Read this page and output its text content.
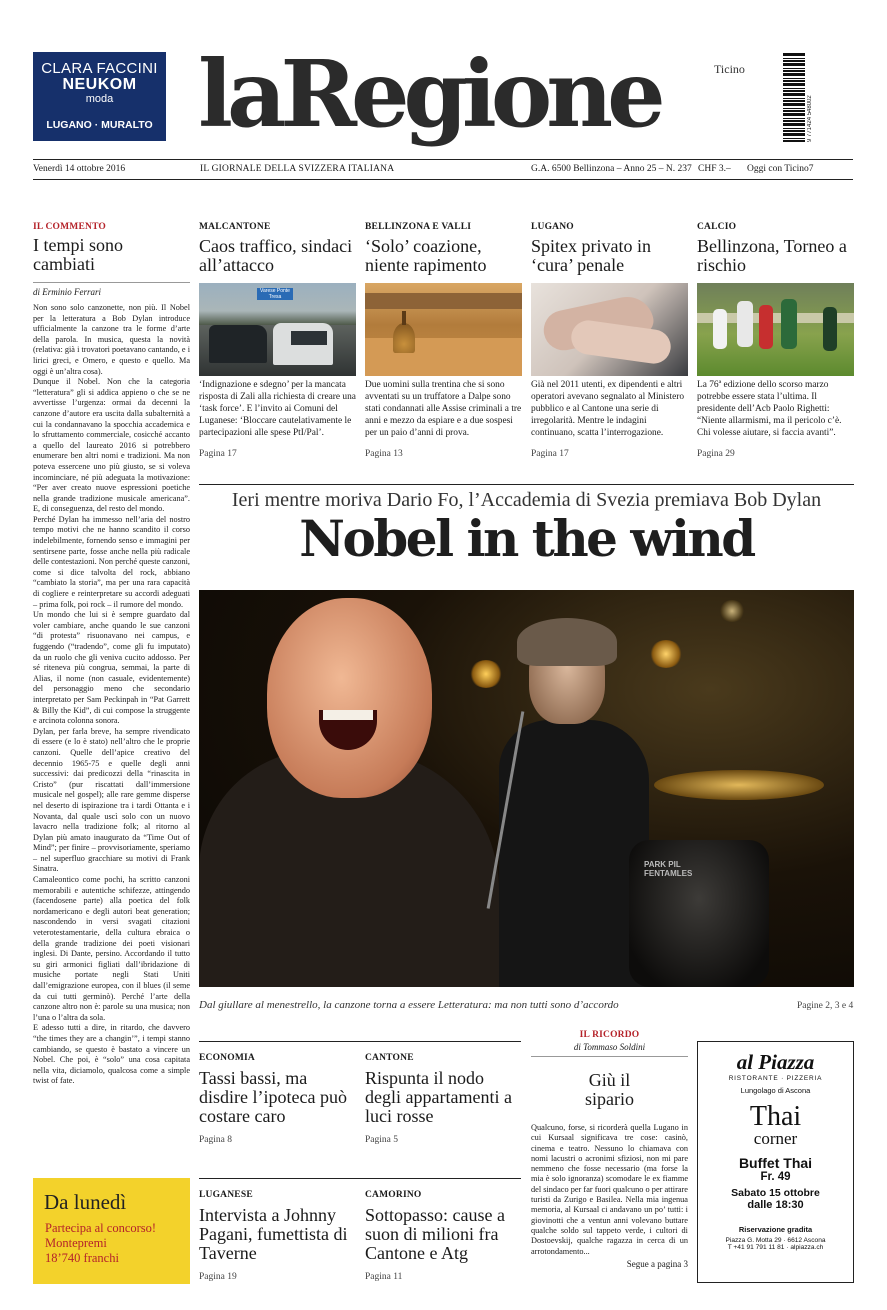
CLARA FACCINI
NEUKOM
moda
LUGANO · MURALTO laRegione	Ticino
9 771424 548002
Venerdì 14 ottobre 2016	IL GIORNALE DELLA SVIZZERA ITALIANA	G.A. 6500 Bellinzona – Anno 25 – N. 237 CHF 3.– Oggi con Ticino7
IL COMMENTO
I tempi sono cambiati
di Erminio Ferrari

Non sono solo canzonette, non più. Il Nobel per la letteratura a Bob Dylan introduce ufficialmente la canzone tra le forme d’arte della parola. In musica, questa la novità (relativa: già i trovatori poetavano cantando, e i lirici greci, e Omero, e questo e quello. Ma oggi è un’altra cosa).

Dunque il Nobel. Non che la categoria “letteratura” gli si addica appieno o che se ne avvertisse l’urgenza: ormai da decenni la canzone d’autore era uscita dalla subalternità a cui la condannavano la spocchia accademica e lo sfruttamento commerciale, cosicché accanto a quello del laureato 2016 si potrebbero enumerare ben altri nomi e tradizioni. Ma non poteva essercene uno più giusto, se si voleva incominciare, né più adeguata la motivazione: “Per aver creato nuove espressioni poetiche nella grande tradizione musicale americana”. E, di conseguenza, del resto del mondo.

Perché Dylan ha immesso nell’aria del nostro tempo motivi che ne hanno scandito il corso indelebilmente, fornendo senso e immagini per sentirsene parte, fosse anche nella più radicale delle contestazioni. Non perché queste canzoni, come si dice talvolta del rock, abbiano “cambiato la storia”, ma per una rara capacità di cogliere e reinterpretare su accordi adeguati – prima folk, poi rock – il rumore del mondo.

Un mondo che lui si è sempre guardato dal voler cambiare, anche quando le sue canzoni “di protesta” risuonavano nei campus, e fuggendo (“tradendo”, come gli fu imputato) da un ruolo che gli veniva cucito addosso. Per sé riteneva più congrua, semmai, la parte di Alias, il nome (non casuale, evidentemente) del personaggio meno che secondario interpretato per Sam Peckinpah in “Pat Garrett & Billy the Kid”, di cui compose la struggente e arcinota colonna sonora.

Dylan, per farla breve, ha sempre rivendicato di essere (e lo è stato) nell’altro che le proprie canzoni. Quelle dell’apice creativo del decennio 1965-75 e quelle degli anni successivi: dai predicozzi della “rinascita in Cristo” (pur riscattati dall’immersione musicale nel gospel); alle rare gemme disperse nel deserto di ispirazione tra i tardi Ottanta e i Novanta, dal quale uscì solo con un nuovo lavacro nella tradizione folk; al ritorno al Dylan più amato inaugurato da “Time Out of Mind”; per finire – provvisoriamente, speriamo – nel superfluo gracchiare su motivi di Frank Sinatra.

Camaleontico come pochi, ha scritto canzoni memorabili e autentiche schifezze, attingendo (facendosene parte) alla poetica del folk nordamericano e degli autori beat generation; nascondendo in versi svagati citazioni veterotestamentarie, della cultura ebraica o della grande tradizione dei poeti visionari inglesi. Di Dante, persino. Accordando il tutto su giri armonici figliati dall’ibridazione di musiche portate negli Stati Uniti dall’emigrazione europea, con il blues (il seme da cui tutti germinò). Perché l’arte della canzone altro non è: parole su una musica; non l’una o l’altra da sola.

E adesso tutti a dire, in ritardo, che davvero “the times they are a changin’”, i tempi stanno cambiando, se questo è bastato a vincere un Nobel. Che poi, è “solo” una cosa capitata nella vita, diciamolo, qualcosa come a simple twist of fate.

MALCANTONE
Caos traffico, sindaci all’attacco
Varese Ponte Tresa
‘Indignazione e sdegno’ per la mancata risposta di Zali alla richiesta di creare una ‘task force’. E l’invito ai Comuni del Luganese: ‘Bloccare cautelativamente le partecipazioni alle spese PtI/Pal’.
Pagina 17
BELLINZONA E VALLI
‘Solo’ coazione, niente rapimento
Due uomini sulla trentina che si sono avventati su un truffatore a Dalpe sono stati condannati alle Assise criminali a tre anni e mezzo da espiare e a due sospesi per un paio d’anni di prova.
Pagina 13
LUGANO
Spitex privato in ‘cura’ penale
Già nel 2011 utenti, ex dipendenti e altri operatori avevano segnalato al Ministero pubblico e al Cantone una serie di irregolarità. Mentre le indagini continuano, scatta l’interrogazione.
Pagina 17
CALCIO
Bellinzona, Torneo a rischio
La 76ª edizione dello scorso marzo potrebbe essere stata l’ultima. Il presidente dell’Acb Paolo Righetti: “Niente allarmismi, ma il pericolo c’è. Chi volesse aiutare, si faccia avanti”.
Pagina 29
Ieri mentre moriva Dario Fo, l’Accademia di Svezia premiava Bob Dylan
Nobel in the wind
PARK PIL FENTAMLES
Dal giullare al menestrello, la canzone torna a essere Letteratura: ma non tutti sono d’accordo	Pagine 2, 3 e 4
ECONOMIA
Tassi bassi, ma disdire l’ipoteca può costare caro
Pagina 8
CANTONE
Rispunta il nodo degli appartamenti a luci rosse
Pagina 5
LUGANESE
Intervista a Johnny Pagani, fumettista di Taverne
Pagina 19
CAMORINO
Sottopasso: cause a suon di milioni fra Cantone e Atg
Pagina 11
IL RICORDO
di Tommaso Soldini
Giù il sipario
Qualcuno, forse, si ricorderà quella Lugano in cui Kursaal significava tre cose: casinò, cinema e teatro. Nessuno lo chiamava con nomi lacustri o acronimi sfiziosi, non mi pare nemmeno che fosse necessario (ma forse la mia è solo ignoranza) scomodare le ex fiamme del sindaco per far fuori qualcuno o per attirare turisti da Zurigo e Basilea. Nella mia ingenua memoria, al Kursaal ci andavano un po’ tutti: i giovinotti che a ventun anni volevano buttare qualche soldo sul tappeto verde, i cultori di Dostoevskij, qualche ragazza in cerca di un arrotondamento...
Segue a pagina 3
Da lunedì
Partecipa al concorso!
Montepremi
18’740 franchi
al Piazza
RISTORANTE · PIZZERIA
Lungolago di Ascona
Thai
corner
Buffet Thai
Fr. 49
Sabato 15 ottobre
dalle 18:30
Riservazione gradita
Piazza G. Motta 29 · 6612 Ascona
T +41 91 791 11 81 · alpiazza.ch
